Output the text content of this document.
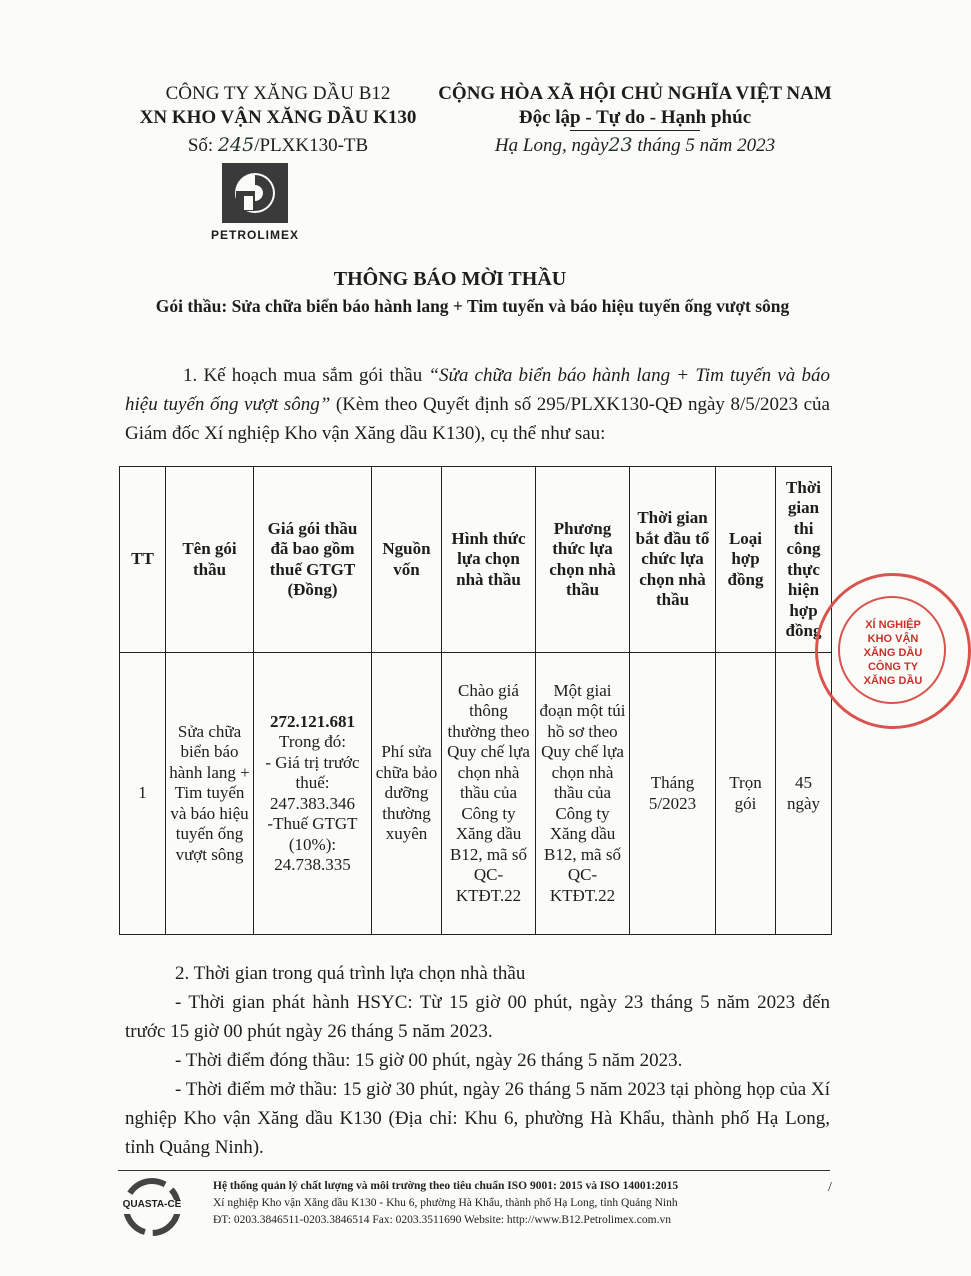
CÔNG TY XĂNG DẦU B12
XN KHO VẬN XĂNG DẦU K130
Số: 245/PLXK130-TB
PETROLIMEX
CỘNG HÒA XÃ HỘI CHỦ NGHĨA VIỆT NAM
Độc lập - Tự do - Hạnh phúc
Hạ Long, ngày23 tháng 5 năm 2023
THÔNG BÁO MỜI THẦU
Gói thầu: Sửa chữa biển báo hành lang + Tim tuyến và báo hiệu tuyến ống vượt sông
1. Kế hoạch mua sắm gói thầu “Sửa chữa biển báo hành lang + Tim tuyến và báo hiệu tuyến ống vượt sông” (Kèm theo Quyết định số 295/PLXK130-QĐ ngày 8/5/2023 của Giám đốc Xí nghiệp Kho vận Xăng dầu K130), cụ thể như sau:
TT	Tên gói thầu	Giá gói thầu đã bao gồm thuế GTGT (Đồng)	Nguồn vốn	Hình thức lựa chọn nhà thầu	Phương thức lựa chọn nhà thầu	Thời gian bắt đầu tổ chức lựa chọn nhà thầu	Loại hợp đồng	Thời gian thi công thực hiện hợp đồng
1	Sửa chữa biển báo hành lang + Tim tuyến và báo hiệu tuyến ống vượt sông	272.121.681
Trong đó:
- Giá trị trước thuế: 247.383.346
-Thuế GTGT (10%): 24.738.335	Phí sửa chữa bảo dưỡng thường xuyên	Chào giá thông thường theo Quy chế lựa chọn nhà thầu của Công ty Xăng dầu B12, mã số QC-KTĐT.22	Một giai đoạn một túi hồ sơ theo Quy chế lựa chọn nhà thầu của Công ty Xăng dầu B12, mã số QC-KTĐT.22	Tháng 5/2023	Trọn gói	45 ngày
XÍ NGHIỆP
KHO VẬN
XĂNG DẦU
CÔNG TY
XĂNG DẦU
2. Thời gian trong quá trình lựa chọn nhà thầu
- Thời gian phát hành HSYC: Từ 15 giờ 00 phút, ngày 23 tháng 5 năm 2023 đến trước 15 giờ 00 phút ngày 26 tháng 5 năm 2023.
- Thời điểm đóng thầu: 15 giờ 00 phút, ngày 26 tháng 5 năm 2023.
- Thời điểm mở thầu: 15 giờ 30 phút, ngày 26 tháng 5 năm 2023 tại phòng họp của Xí nghiệp Kho vận Xăng dầu K130 (Địa chỉ: Khu 6, phường Hà Khẩu, thành phố Hạ Long, tỉnh Quảng Ninh).
QUASTA-CE
Hệ thống quản lý chất lượng và môi trường theo tiêu chuẩn ISO 9001: 2015 và ISO 14001:2015
Xí nghiệp Kho vận Xăng dầu K130 - Khu 6, phường Hà Khẩu, thành phố Hạ Long, tỉnh Quảng Ninh
ĐT: 0203.3846511-0203.3846514 Fax: 0203.3511690 Website: http://www.B12.Petrolimex.com.vn
/
